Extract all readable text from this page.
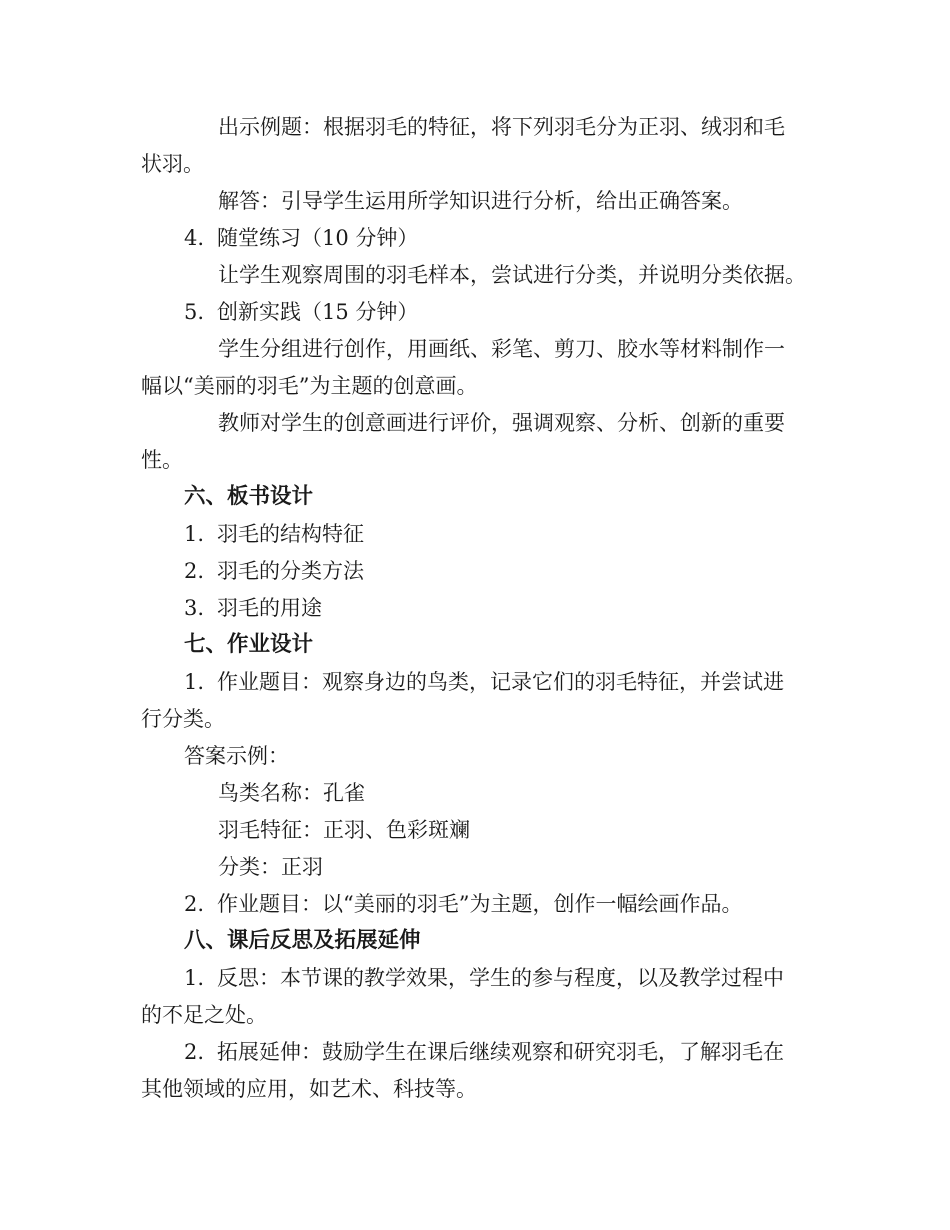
出示例题：根据羽毛的特征，将下列羽毛分为正羽、绒羽和毛
状羽。
解答：引导学生运用所学知识进行分析，给出正确答案。
4. 随堂练习（10 分钟）
让学生观察周围的羽毛样本，尝试进行分类，并说明分类依据。
5. 创新实践（15 分钟）
学生分组进行创作，用画纸、彩笔、剪刀、胶水等材料制作一
幅以“美丽的羽毛”为主题的创意画。
教师对学生的创意画进行评价，强调观察、分析、创新的重要
性。
六、板书设计
1. 羽毛的结构特征
2. 羽毛的分类方法
3. 羽毛的用途
七、作业设计
1. 作业题目：观察身边的鸟类，记录它们的羽毛特征，并尝试进
行分类。
答案示例：
鸟类名称：孔雀
羽毛特征：正羽、色彩斑斓
分类：正羽
2. 作业题目：以“美丽的羽毛”为主题，创作一幅绘画作品。
八、课后反思及拓展延伸
1. 反思：本节课的教学效果，学生的参与程度，以及教学过程中
的不足之处。
2. 拓展延伸：鼓励学生在课后继续观察和研究羽毛，了解羽毛在
其他领域的应用，如艺术、科技等。
